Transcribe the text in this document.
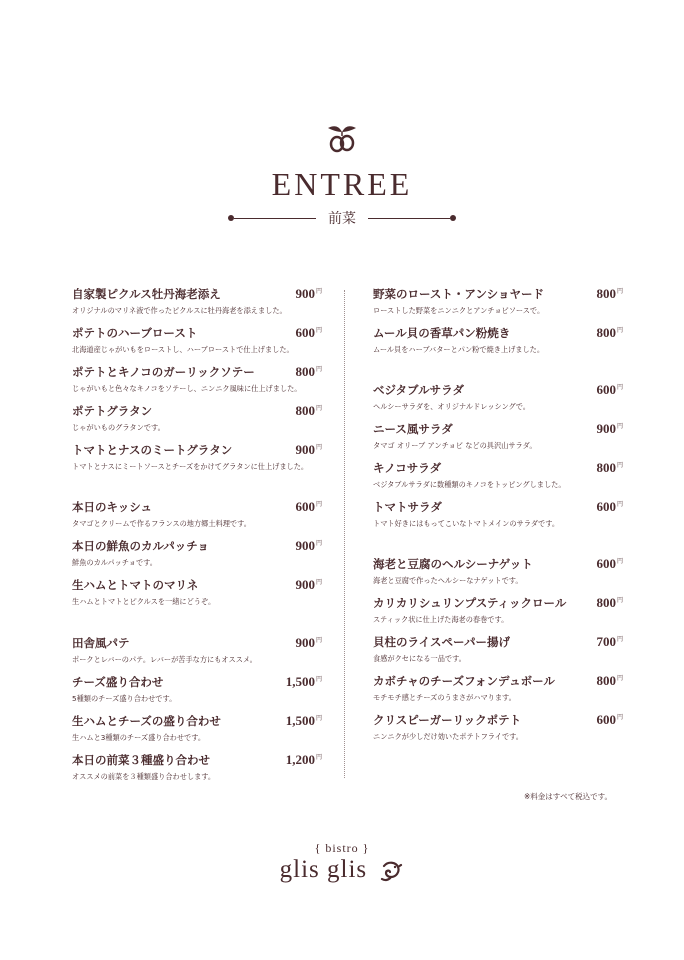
ENTREE
前菜
自家製ピクルス牡丹海老添え	$900^円$
オリジナルのマリネ液で作ったピクルスに牡丹海老を添えました。
ポテトのハーブロースト	$600^円$
北海道産じゃがいもをローストし、ハーブローストで仕上げました。
ポテトとキノコのガーリックソテー	$800^円$
じゃがいもと色々なキノコをソテーし、ニンニク風味に仕上げました。
ポテトグラタン	$800^円$
じゃがいものグラタンです。
トマトとナスのミートグラタン	$900^円$
トマトとナスにミートソースとチーズをかけてグラタンに仕上げました。
本日のキッシュ	$600^円$
タマゴとクリームで作るフランスの地方郷土料理です。
本日の鮮魚のカルパッチョ	$900^円$
鮮魚のカルパッチョです。
生ハムとトマトのマリネ	$900^円$
生ハムとトマトとピクルスを一緒にどうぞ。
田舎風パテ	$900^円$
ポークとレバーのパテ。レバーが苦手な方にもオススメ。
チーズ盛り合わせ	$1,500^円$
5種類のチーズ盛り合わせです。
生ハムとチーズの盛り合わせ	$1,500^円$
生ハムと3種類のチーズ盛り合わせです。
本日の前菜３種盛り合わせ	$1,200^円$
オススメの前菜を３種類盛り合わせします。
野菜のロースト・アンショヤード	$800^円$
ローストした野菜をニンニクとアンチョビソースで。
ムール貝の香草パン粉焼き	$800^円$
ムール貝をハーブバターとパン粉で焼き上げました。
ベジタブルサラダ	$600^円$
ヘルシーサラダを、オリジナルドレッシングで。
ニース風サラダ	$900^円$
タマゴ オリーブ アンチョビ などの具沢山サラダ。
キノコサラダ	$800^円$
ベジタブルサラダに数種類のキノコをトッピングしました。
トマトサラダ	$600^円$
トマト好きにはもってこいなトマトメインのサラダです。
海老と豆腐のヘルシーナゲット	$600^円$
海老と豆腐で作ったヘルシーなナゲットです。
カリカリシュリンプスティックロール	$800^円$
スティック状に仕上げた海老の春巻です。
貝柱のライスペーパー揚げ	$700^円$
食感がクセになる一品です。
カボチャのチーズフォンデュボール	$800^円$
モチモチ感とチーズのうまさがハマります。
クリスピーガーリックポテト	$600^円$
ニンニクが少しだけ効いたポテトフライです。
※料金はすべて税込です。
{ bistro }
glis glis
